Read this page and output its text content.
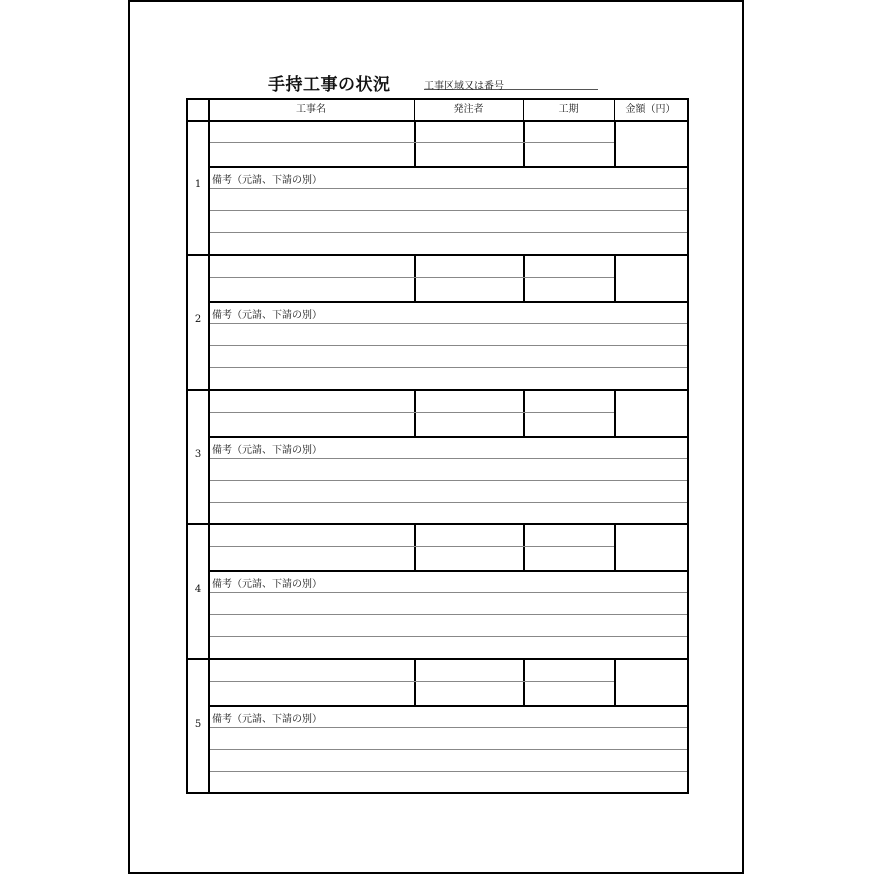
手持工事の状況	工事区域又は番号
工事名	発注者	工期	金額（円）
1	備考（元請、下請の別）
2	備考（元請、下請の別）
3	備考（元請、下請の別）
4	備考（元請、下請の別）
5	備考（元請、下請の別）
